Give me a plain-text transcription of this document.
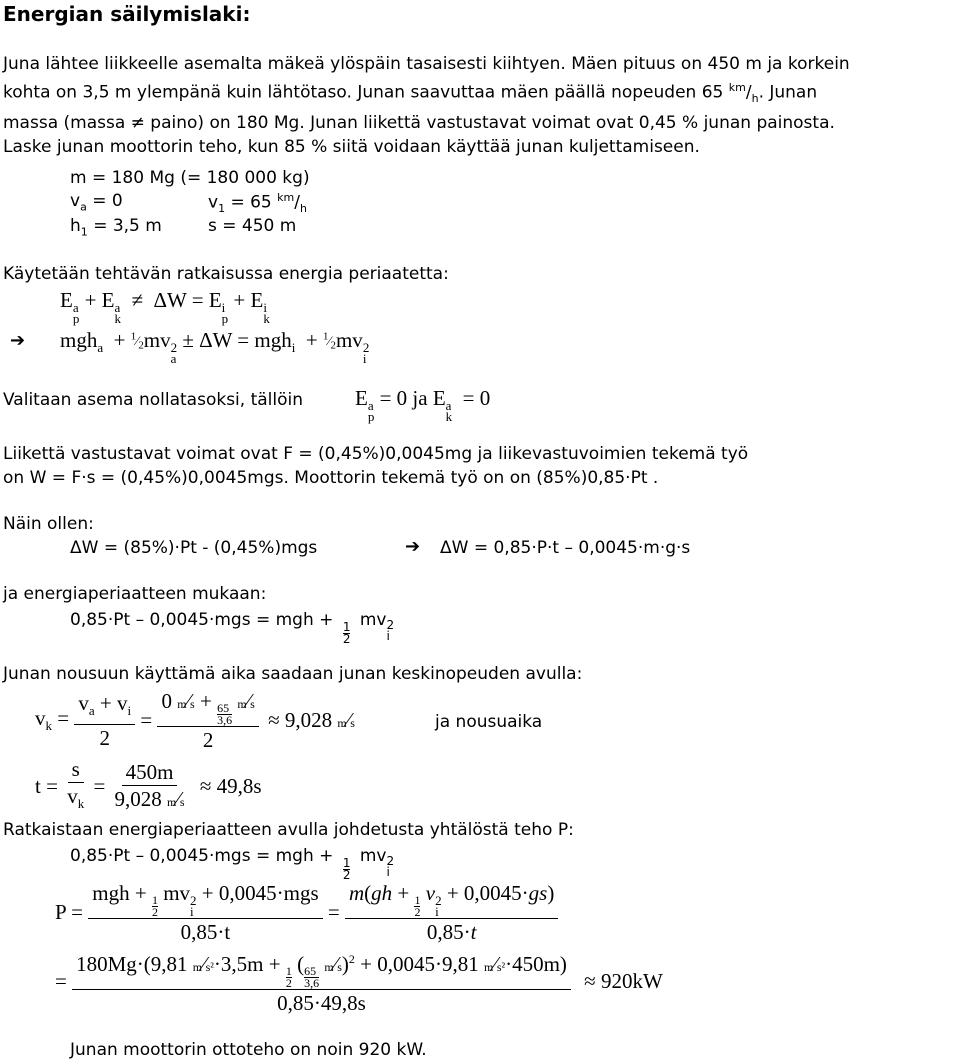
Energian säilymislaki:
Juna lähtee liikkeelle asemalta mäkeä ylöspäin tasaisesti kiihtyen. Mäen pituus on 450 m ja korkein
kohta on 3,5 m ylempänä kuin lähtötaso. Junan saavuttaa mäen päällä nopeuden 65 $^{km}/_h$. Junan
massa (massa ≠ paino) on 180 Mg. Junan liikettä vastustavat voimat ovat 0,45 % junan painosta.
Laske junan moottorin teho, kun 85 % siitä voidaan käyttää junan kuljettamiseen.
m = 180 Mg (= 180 000 kg)
$v_a = 0$	$v_1 = 65$ $^{km}/_h$
$h_1 = 3,5$ m	s = 450 m
Käytetään tehtävän ratkaisussa energia periaatetta:
E a
p
+ E a
k
≠  ΔW = E i
p
+ E i
k
➔ $mgh_a + ^1⁄_2mv$ 2
a
± $\Delta W = mgh_i + ^1⁄_2mv$ 2
i
Valitaan asema nollatasoksi, tällöin E a
p
= 0 ja E a
k
= 0
Liikettä vastustavat voimat ovat F = (0,45%)0,0045mg ja liikevastuvoimien tekemä työ
on W = F·s = (0,45%)0,0045mgs. Moottorin tekemä työ on on (85%)0,85·Pt .
Näin ollen:
ΔW = (85%)·Pt - (0,45%)mgs	➔ ΔW = 0,85·P·t – 0,0045·m·g·s
ja energiaperiaatteen mukaan:
0,85·Pt – 0,0045·mgs = mgh +
$\frac{1}{2}$
mv 2
i
Junan nousuun käyttämä aika saadaan junan keskinopeuden avulla:
$v_k = \frac{v_a + v_i}{2} = 0$ m⁄s +
$\frac{65}{3,6}$ m⁄s
2 ≈ 9,028 m⁄s	ja nousuaika
$t = \frac{s}{v_k} = \frac{450m}{9,028 m⁄s} \approx 49,8s$
Ratkaistaan energiaperiaatteen avulla johdetusta yhtälöstä teho P:
0,85·Pt – 0,0045·mgs = mgh +
$\frac{1}{2}$
mv 2
i
P = mgh +
$\frac{1}{2}$
mv 2
i
+ 0,0045·mgs
0,85·t = m(gh +
$\frac{1}{2}$
v 2
i
+ 0,0045·gs)
0,85·t
=
180Mg·(9,81 m⁄s²·3,5m +
$\frac{1}{2}$
(
$\frac{65}{3,6}$ m⁄s)$^2$ + 0,0045·9,81 m⁄s²·450m)
0,85·49,8s
≈ 920kW
Junan moottorin ottoteho on noin 920 kW.
